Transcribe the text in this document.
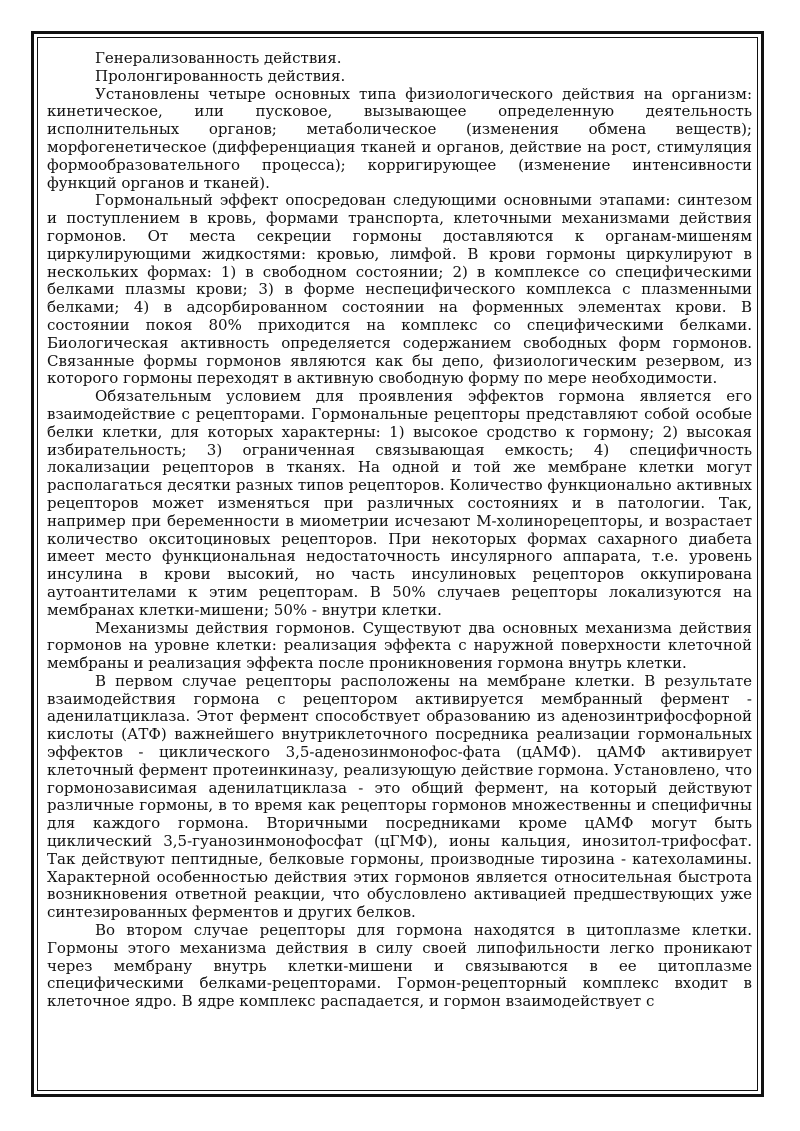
Генерализованность действия.

Пролонгированность действия.

Установлены четыре основных типа физиологического действия на организм: кинетическое, или пусковое, вызывающее определенную деятельность исполнительных органов; метаболическое (изменения обмена веществ); морфогенетическое (дифференциация тканей и органов, действие на рост, стимуляция формообразовательного процесса); корригирующее (изменение интенсивности функций органов и тканей).

Гормональный эффект опосредован следующими основными этапами: синтезом и поступлением в кровь, формами транспорта, клеточными механизмами действия гормонов. От места секреции гормоны доставляются к органам-мишеням циркулирующими жидкостями: кровью, лимфой. В крови гормоны циркулируют в нескольких формах: 1) в свободном состоянии; 2) в комплексе со специфическими белками плазмы крови; 3) в форме неспецифического комплекса с плазменными белками; 4) в адсорбированном состоянии на форменных элементах крови. В состоянии покоя 80% приходится на комплекс со специфическими белками. Биологическая активность определяется содержанием свободных форм гормонов. Связанные формы гормонов являются как бы депо, физиологическим резервом, из которого гормоны переходят в активную свободную форму по мере необходимости.

Обязательным условием для проявления эффектов гормона является его взаимодействие с рецепторами. Гормональные рецепторы представляют собой особые белки клетки, для которых характерны: 1) высокое сродство к гормону; 2) высокая избирательность; 3) ограниченная связывающая емкость; 4) специфичность локализации рецепторов в тканях. На одной и той же мембране клетки могут располагаться десятки разных типов рецепторов. Количество функционально активных рецепторов может изменяться при различных состояниях и в патологии. Так, например при беременности в миометрии исчезают М-холинорецепторы, и возрастает количество окситоциновых рецепторов. При некоторых формах сахарного диабета имеет место функциональная недостаточность инсулярного аппарата, т.е. уровень инсулина в крови высокий, но часть инсулиновых рецепторов оккупирована аутоантителами к этим рецепторам. В 50% случаев рецепторы локализуются на мембранах клетки-мишени; 50% - внутри клетки.

Механизмы действия гормонов. Существуют два основных механизма действия гормонов на уровне клетки: реализация эффекта с наружной поверхности клеточной мембраны и реализация эффекта после проникновения гормона внутрь клетки.

В первом случае рецепторы расположены на мембране клетки. В результате взаимодействия гормона с рецептором активируется мембранный фермент - аденилатциклаза. Этот фермент способствует образованию из аденозинтрифосфорной кислоты (АТФ) важнейшего внутриклеточного посредника реализации гормональных эффектов - циклического 3,5-аденозинмонофос-фата (цАМФ). цАМФ активирует клеточный фермент протеинкиназу, реализующую действие гормона. Установлено, что гормонозависимая аденилатциклаза - это общий фермент, на который действуют различные гормоны, в то время как рецепторы гормонов множественны и специфичны для каждого гормона. Вторичными посредниками кроме цАМФ могут быть циклический 3,5-гуанозинмонофосфат (цГМФ), ионы кальция, инозитол-трифосфат. Так действуют пептидные, белковые гормоны, производные тирозина - катехоламины. Характерной особенностью действия этих гормонов является относительная быстрота возникновения ответной реакции, что обусловлено активацией предшествующих уже синтезированных ферментов и других белков.

Во втором случае рецепторы для гормона находятся в цитоплазме клетки. Гормоны этого механизма действия в силу своей липофильности легко проникают через мембрану внутрь клетки-мишени и связываются в ее цитоплазме специфическими белками-рецепторами. Гормон-рецепторный комплекс входит в клеточное ядро. В ядре комплекс распадается, и гормон взаимодействует с
